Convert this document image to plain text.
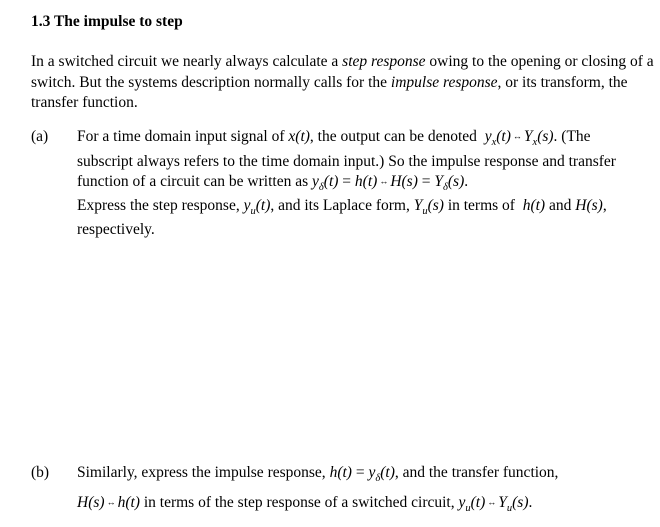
1.3 The impulse to step
In a switched circuit we nearly always calculate a step response owing to the opening or closing of a switch. But the systems description normally calls for the impulse response, or its transform, the transfer function.
(a) For a time domain input signal of x(t), the output can be denoted  $y_x(t)$ ↔ $Y_x(s)$. (The
subscript always refers to the time domain input.) So the impulse response and transfer
function of a circuit can be written as $y_\delta(t) = h(t)$ ↔ $H(s) = Y_\delta(s)$.
Express the step response, $y_u(t)$, and its Laplace form, $Y_u(s)$ in terms of  h(t) and H(s),
respectively.
(b) Similarly, express the impulse response, $h(t) = y_\delta(t)$, and the transfer function,
H(s) ↔ h(t) in terms of the step response of a switched circuit, $y_u(t)$ ↔ $Y_u(s)$.
